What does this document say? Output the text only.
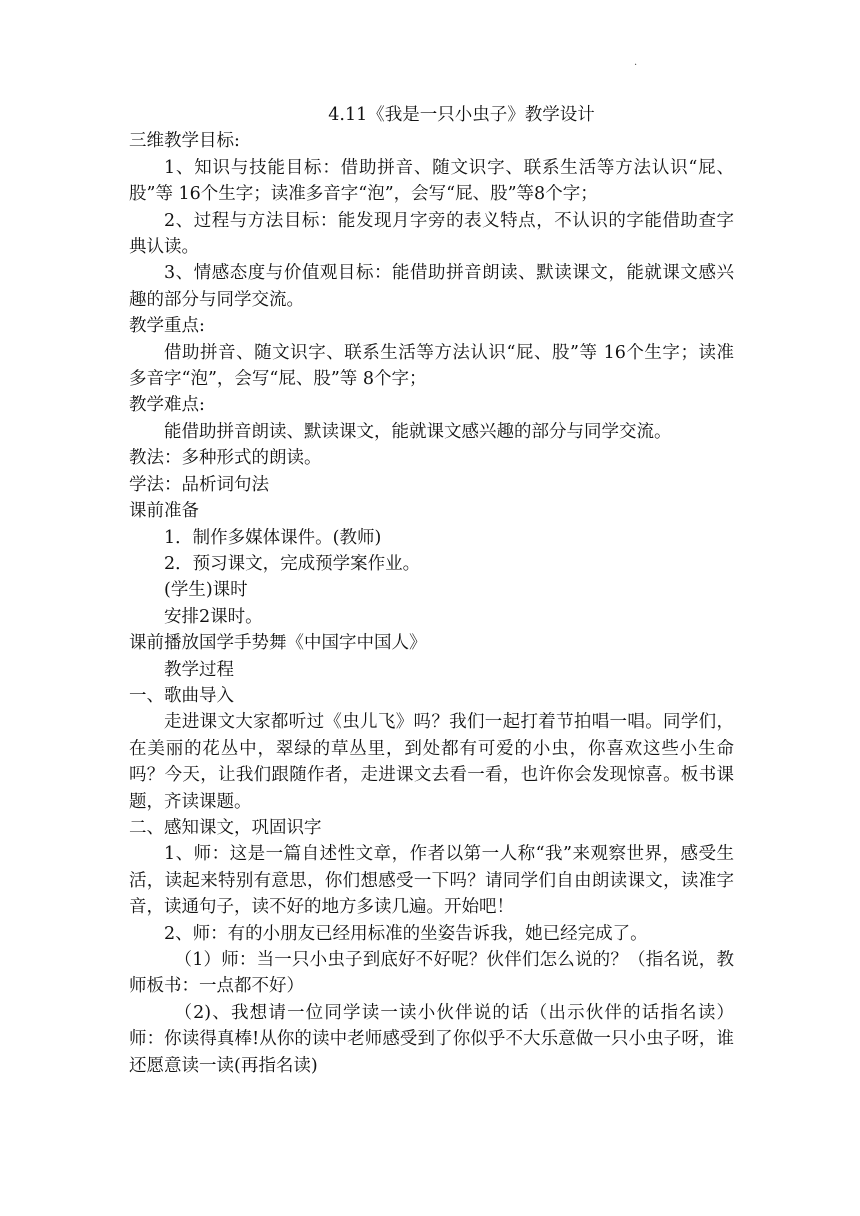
·

4.11《我是一只小虫子》教学设计

三维教学目标:

1、知识与技能目标：借助拼音、随文识字、联系生活等方法认识“屁、股”等 16个生字；读准多音字“泡”，会写“屁、股”等8个字；

2、过程与方法目标：能发现月字旁的表义特点，不认识的字能借助查字典认读。

3、情感态度与价值观目标：能借助拼音朗读、默读课文，能就课文感兴趣的部分与同学交流。

教学重点:

借助拼音、随文识字、联系生活等方法认识“屁、股”等 16个生字；读准多音字“泡”，会写“屁、股”等 8个字；

教学难点:

能借助拼音朗读、默读课文，能就课文感兴趣的部分与同学交流。

教法：多种形式的朗读。

学法：品析词句法

课前准备

1．制作多媒体课件。(教师)

2．预习课文，完成预学案作业。

(学生)课时

安排2课时。

课前播放国学手势舞《中国字中国人》

教学过程

一、歌曲导入

走进课文大家都听过《虫儿飞》吗？我们一起打着节拍唱一唱。同学们，在美丽的花丛中，翠绿的草丛里，到处都有可爱的小虫，你喜欢这些小生命吗？今天，让我们跟随作者，走进课文去看一看，也许你会发现惊喜。板书课题，齐读课题。

二、感知课文，巩固识字

1、师：这是一篇自述性文章，作者以第一人称“我”来观察世界，感受生活，读起来特别有意思，你们想感受一下吗？请同学们自由朗读课文，读准字音，读通句子，读不好的地方多读几遍。开始吧！

2、师：有的小朋友已经用标准的坐姿告诉我，她已经完成了。

（1）师：当一只小虫子到底好不好呢？伙伴们怎么说的？（指名说，教师板书：一点都不好）

（2)、我想请一位同学读一读小伙伴说的话（出示伙伴的话指名读）师：你读得真棒!从你的读中老师感受到了你似乎不大乐意做一只小虫子呀，谁还愿意读一读(再指名读)
